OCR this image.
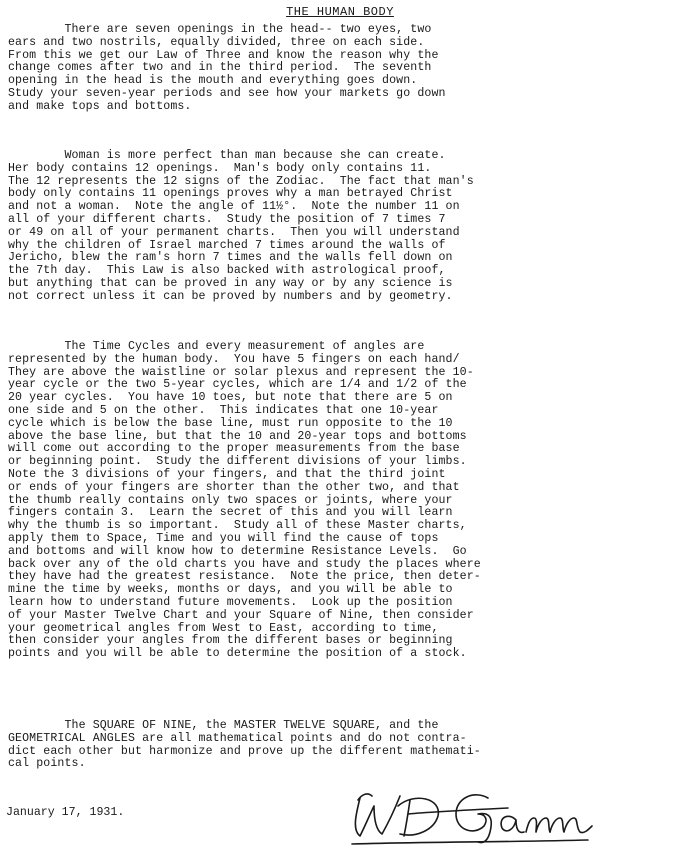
THE HUMAN BODY

There are seven openings in the head-- two eyes, two
ears and two nostrils, equally divided, three on each side.
From this we get our Law of Three and know the reason why the
change comes after two and in the third period.  The seventh
opening in the head is the mouth and everything goes down.
Study your seven-year periods and see how your markets go down
and make tops and bottoms.

Woman is more perfect than man because she can create.
Her body contains 12 openings.  Man's body only contains 11.
The 12 represents the 12 signs of the Zodiac.  The fact that man's
body only contains 11 openings proves why a man betrayed Christ
and not a woman.  Note the angle of 11½°.  Note the number 11 on
all of your different charts.  Study the position of 7 times 7
or 49 on all of your permanent charts.  Then you will understand
why the children of Israel marched 7 times around the walls of
Jericho, blew the ram's horn 7 times and the walls fell down on
the 7th day.  This Law is also backed with astrological proof,
but anything that can be proved in any way or by any science is
not correct unless it can be proved by numbers and by geometry.

The Time Cycles and every measurement of angles are
represented by the human body.  You have 5 fingers on each hand/
They are above the waistline or solar plexus and represent the 10-
year cycle or the two 5-year cycles, which are 1/4 and 1/2 of the
20 year cycles.  You have 10 toes, but note that there are 5 on
one side and 5 on the other.  This indicates that one 10-year
cycle which is below the base line, must run opposite to the 10
above the base line, but that the 10 and 20-year tops and bottoms
will come out according to the proper measurements from the base
or beginning point.  Study the different divisions of your limbs.
Note the 3 divisions of your fingers, and that the third joint
or ends of your fingers are shorter than the other two, and that
the thumb really contains only two spaces or joints, where your
fingers contain 3.  Learn the secret of this and you will learn
why the thumb is so important.  Study all of these Master charts,
apply them to Space, Time and you will find the cause of tops
and bottoms and will know how to determine Resistance Levels.  Go
back over any of the old charts you have and study the places where
they have had the greatest resistance.  Note the price, then deter-
mine the time by weeks, months or days, and you will be able to
learn how to understand future movements.  Look up the position
of your Master Twelve Chart and your Square of Nine, then consider
your geometrical angles from West to East, according to time,
then consider your angles from the different bases or beginning
points and you will be able to determine the position of a stock.

The SQUARE OF NINE, the MASTER TWELVE SQUARE, and the
GEOMETRICAL ANGLES are all mathematical points and do not contra-
dict each other but harmonize and prove up the different mathemati-
cal points.

January 17, 1931.
